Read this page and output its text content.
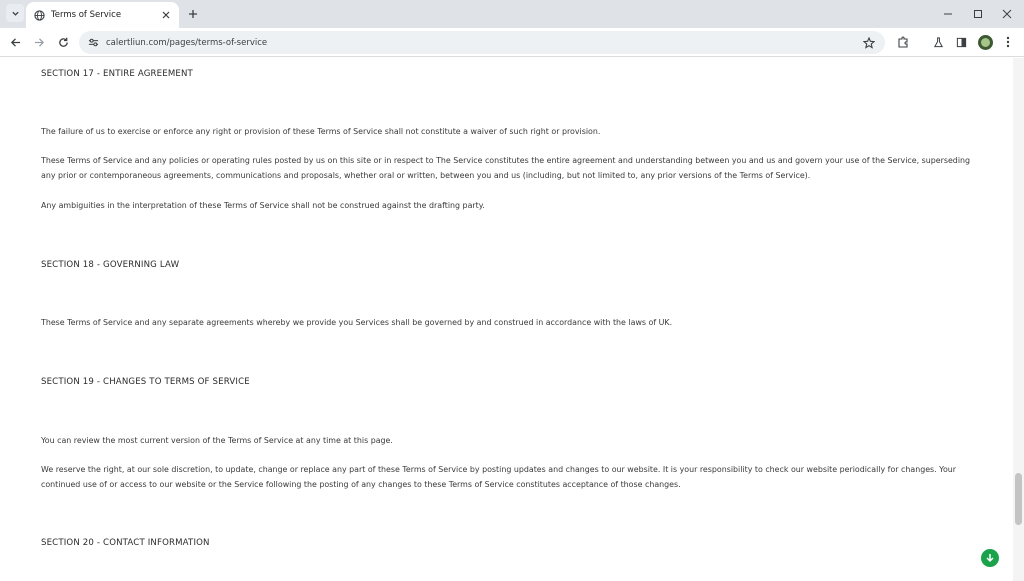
Terms of Service
calertliun.com/pages/terms-of-service
SECTION 17 - ENTIRE AGREEMENT

The failure of us to exercise or enforce any right or provision of these Terms of Service shall not constitute a waiver of such right or provision.

These Terms of Service and any policies or operating rules posted by us on this site or in respect to The Service constitutes the entire agreement and understanding between you and us and govern your use of the Service, superseding any prior or contemporaneous agreements, communications and proposals, whether oral or written, between you and us (including, but not limited to, any prior versions of the Terms of Service).

Any ambiguities in the interpretation of these Terms of Service shall not be construed against the drafting party.

SECTION 18 - GOVERNING LAW

These Terms of Service and any separate agreements whereby we provide you Services shall be governed by and construed in accordance with the laws of UK.

SECTION 19 - CHANGES TO TERMS OF SERVICE

You can review the most current version of the Terms of Service at any time at this page.

We reserve the right, at our sole discretion, to update, change or replace any part of these Terms of Service by posting updates and changes to our website. It is your responsibility to check our website periodically for changes. Your continued use of or access to our website or the Service following the posting of any changes to these Terms of Service constitutes acceptance of those changes.

SECTION 20 - CONTACT INFORMATION
